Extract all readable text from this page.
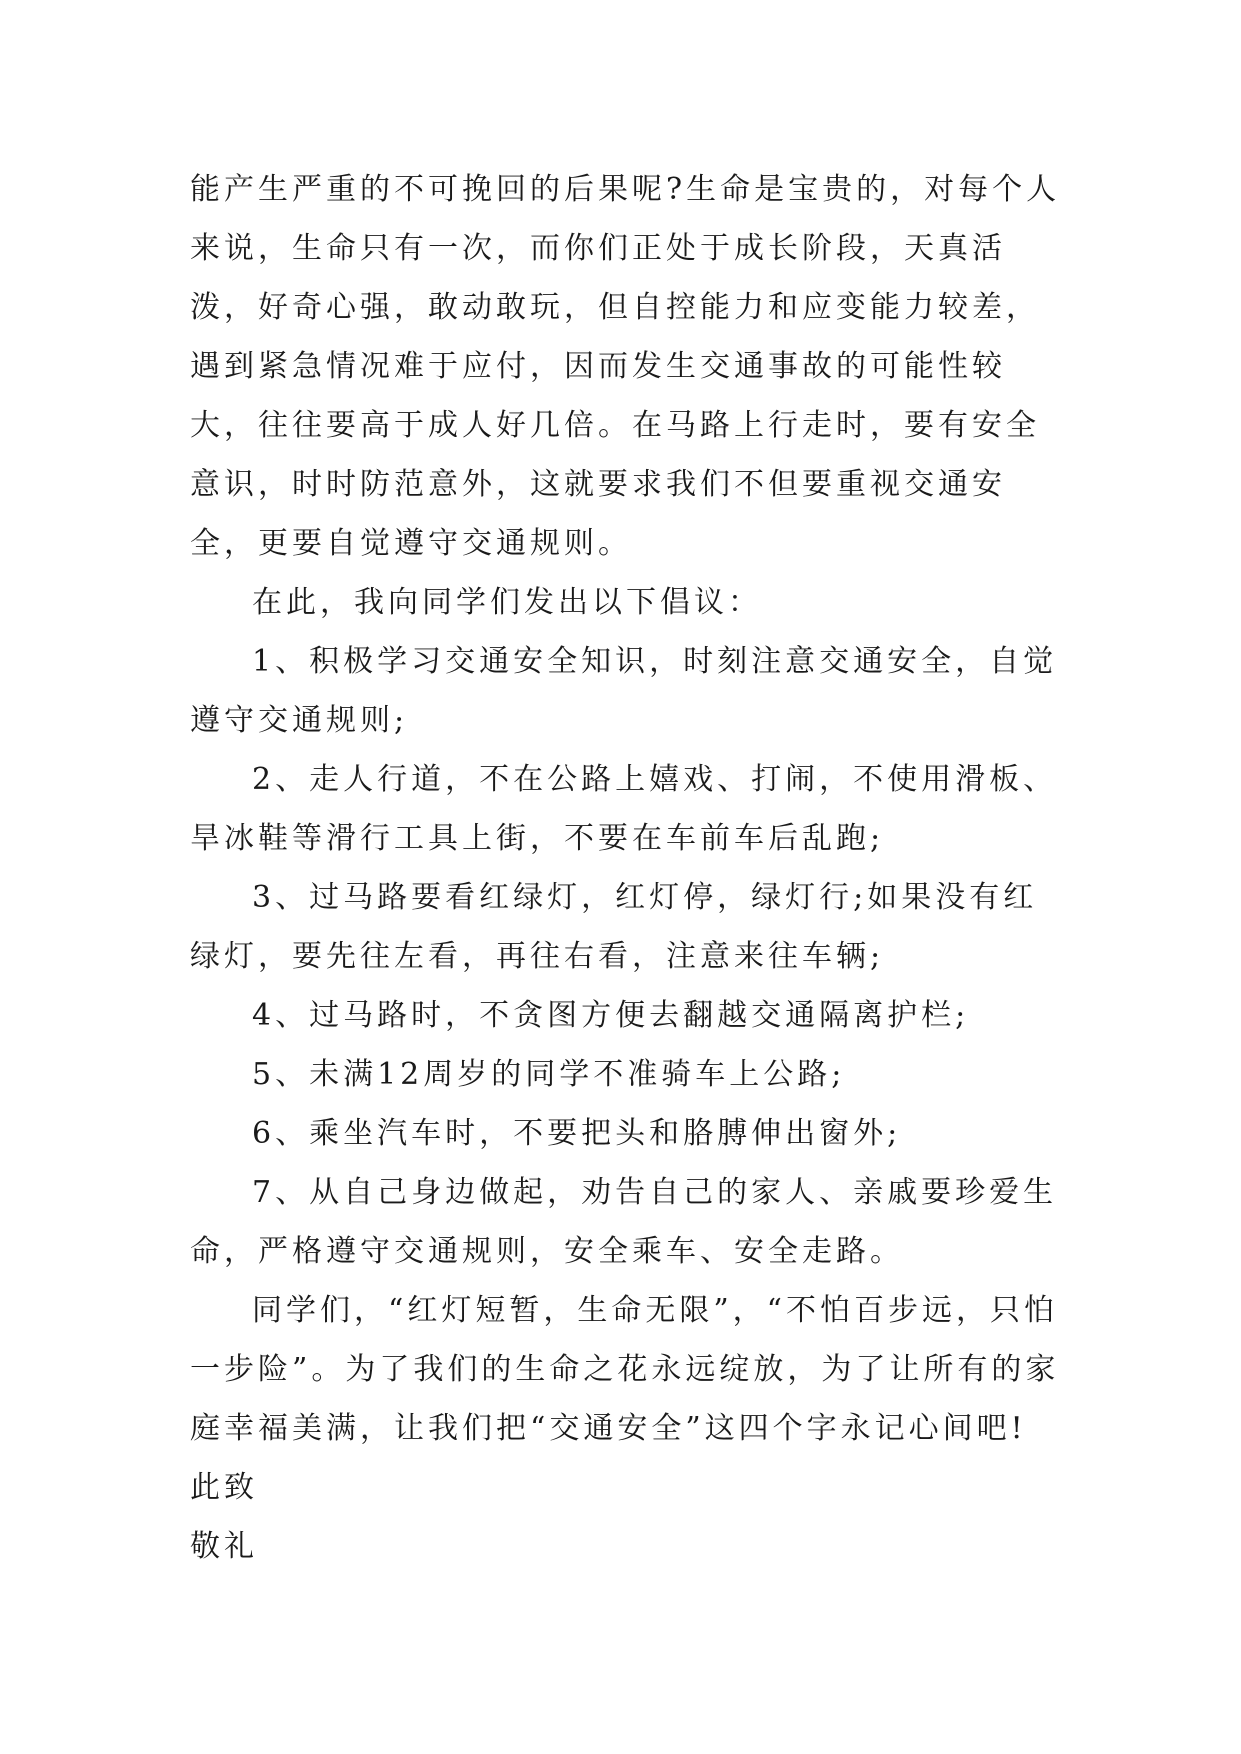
能产生严重的不可挽回的后果呢?生命是宝贵的，对每个人来说，生命只有一次，而你们正处于成长阶段，天真活泼，好奇心强，敢动敢玩，但自控能力和应变能力较差，遇到紧急情况难于应付，因而发生交通事故的可能性较大，往往要高于成人好几倍。在马路上行走时，要有安全意识，时时防范意外，这就要求我们不但要重视交通安全，更要自觉遵守交通规则。

在此，我向同学们发出以下倡议：

1、积极学习交通安全知识，时刻注意交通安全，自觉遵守交通规则;

2、走人行道，不在公路上嬉戏、打闹，不使用滑板、旱冰鞋等滑行工具上街，不要在车前车后乱跑;

3、过马路要看红绿灯，红灯停，绿灯行;如果没有红绿灯，要先往左看，再往右看，注意来往车辆;

4、过马路时，不贪图方便去翻越交通隔离护栏;

5、未满12周岁的同学不准骑车上公路;

6、乘坐汽车时，不要把头和胳膊伸出窗外;

7、从自己身边做起，劝告自己的家人、亲戚要珍爱生命，严格遵守交通规则，安全乘车、安全走路。

同学们，“红灯短暂，生命无限”，“不怕百步远，只怕一步险”。为了我们的生命之花永远绽放，为了让所有的家庭幸福美满，让我们把“交通安全”这四个字永记心间吧!

此致

敬礼
